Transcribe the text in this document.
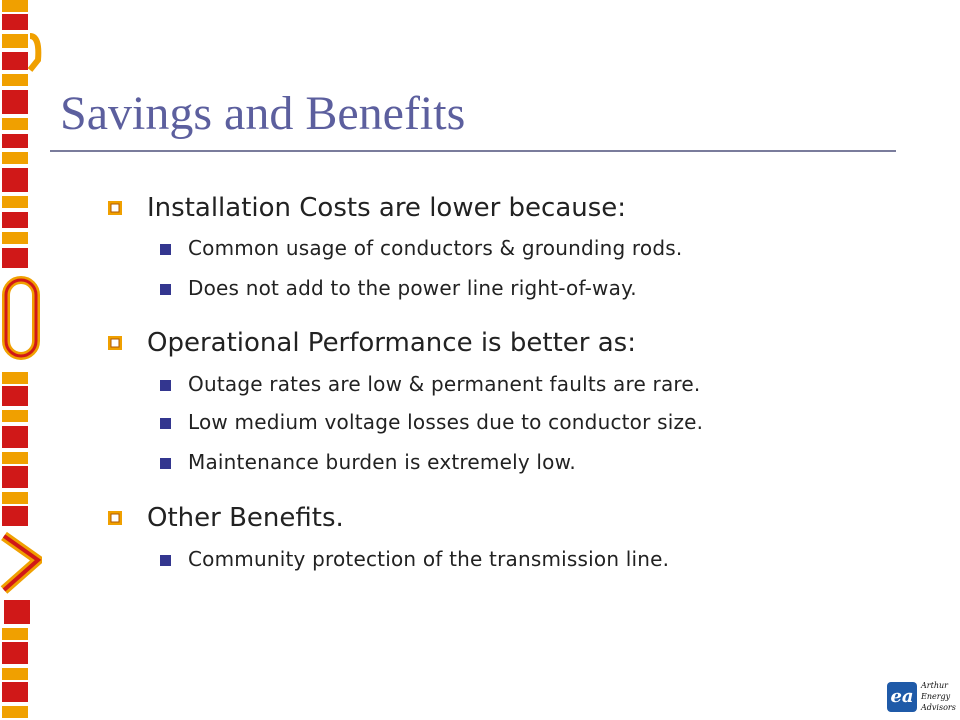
Savings and Benefits
Installation Costs are lower because:
Common usage of conductors & grounding rods.
Does not add to the power line right-of-way.
Operational Performance is better as:
Outage rates are low & permanent faults are rare.
Low medium voltage losses due to conductor size.
Maintenance burden is extremely low.
Other Benefits.
Community protection of the transmission line.
ea
Arthur
Energy
Advisors
